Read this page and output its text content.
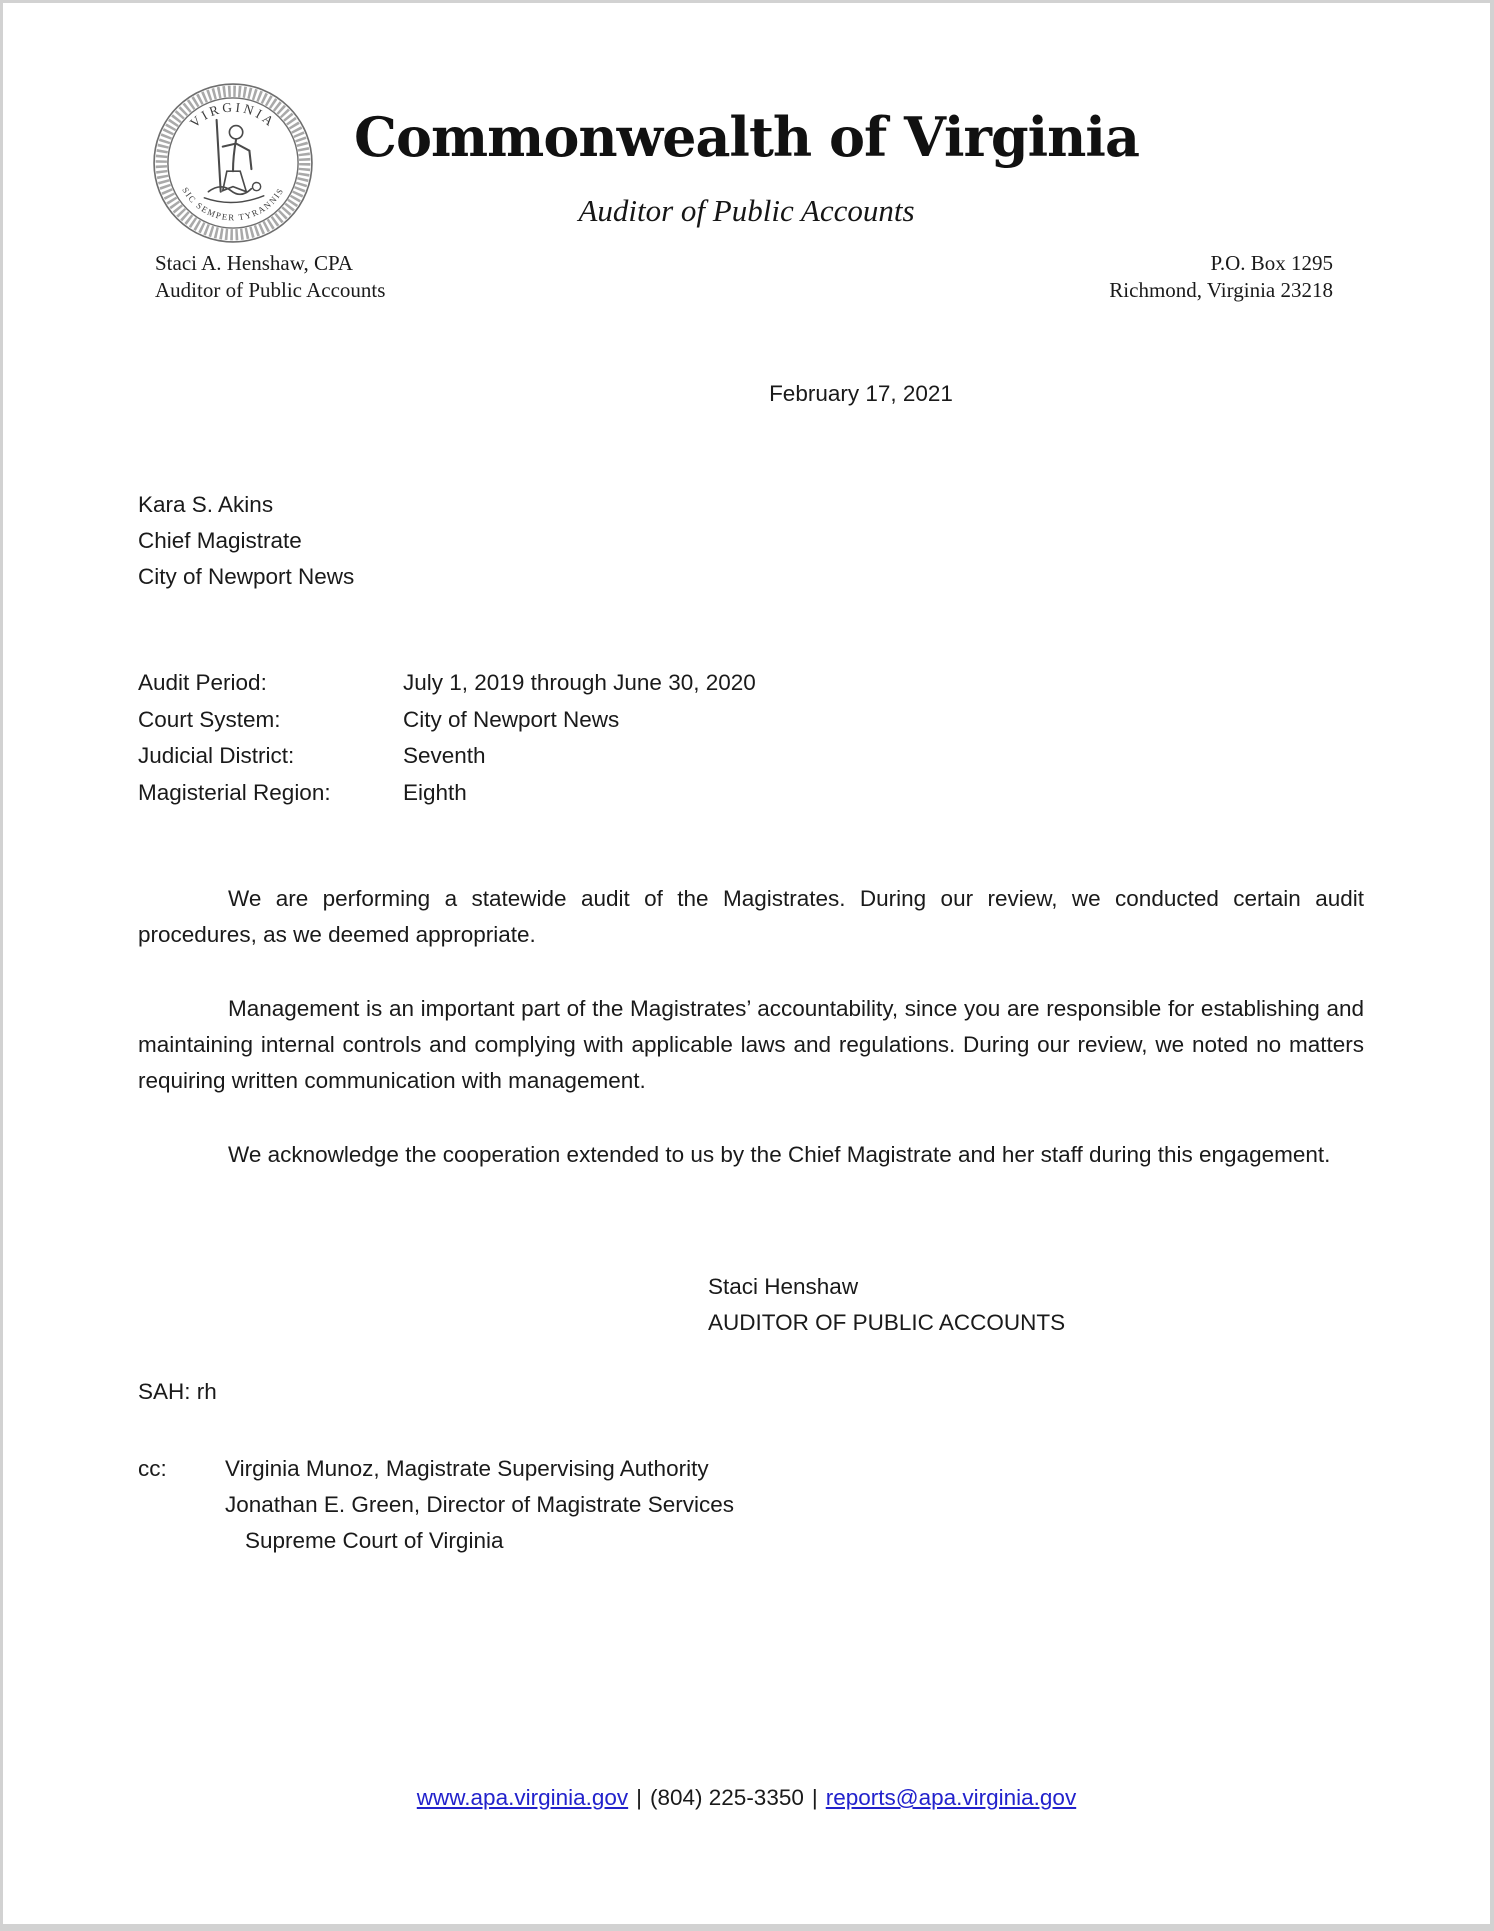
VIRGINIA
SIC SEMPER TYRANNIS
Commonwealth of Virginia
Auditor of Public Accounts
Staci A. Henshaw, CPA
Auditor of Public Accounts
P.O. Box 1295
Richmond, Virginia 23218
February 17, 2021
Kara S. Akins
Chief Magistrate
City of Newport News
Audit Period:	July 1, 2019 through June 30, 2020
Court System:	City of Newport News
Judicial District:	Seventh
Magisterial Region:	Eighth

We are performing a statewide audit of the Magistrates. During our review, we conducted certain audit procedures, as we deemed appropriate.

Management is an important part of the Magistrates’ accountability, since you are responsible for establishing and maintaining internal controls and complying with applicable laws and regulations. During our review, we noted no matters requiring written communication with management.

We acknowledge the cooperation extended to us by the Chief Magistrate and her staff during this engagement.

Staci Henshaw
AUDITOR OF PUBLIC ACCOUNTS
SAH: rh
cc:	Virginia Munoz, Magistrate Supervising Authority
Jonathan E. Green, Director of Magistrate Services
Supreme Court of Virginia
www.apa.virginia.gov | (804) 225-3350 | reports@apa.virginia.gov
